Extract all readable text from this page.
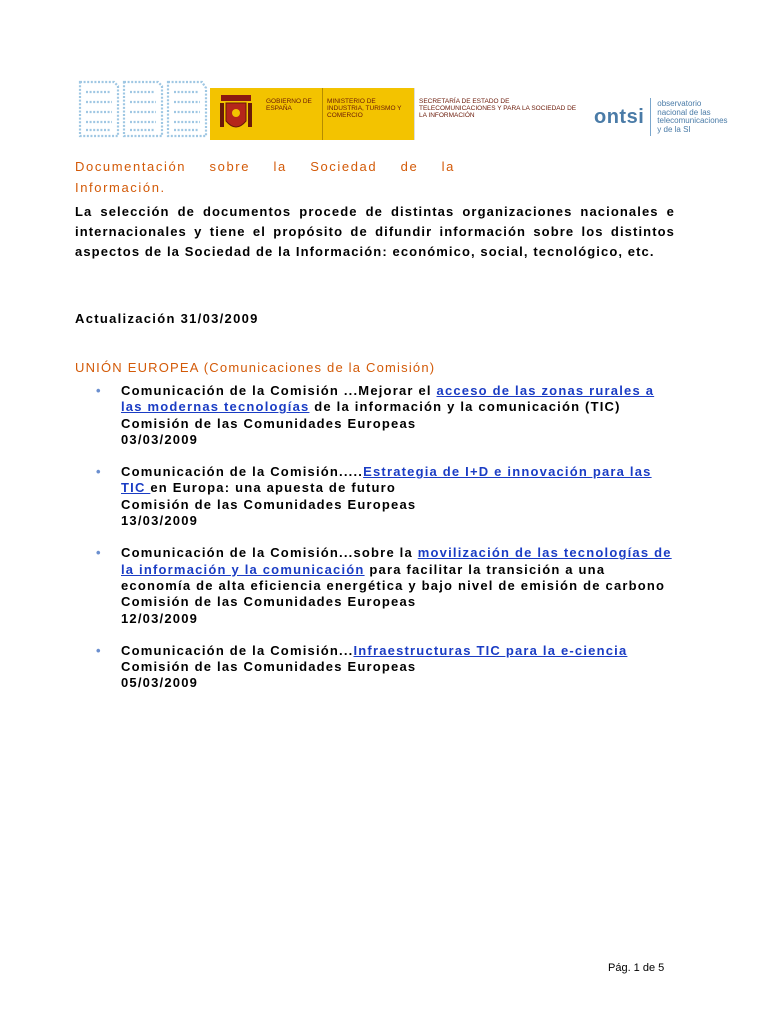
GOBIERNO DE ESPAÑA
MINISTERIO DE INDUSTRIA, TURISMO Y COMERCIO
SECRETARÍA DE ESTADO DE TELECOMUNICACIONES Y PARA LA SOCIEDAD DE LA INFORMACIÓN	ontsi
observatorio
nacional de las
telecomunicaciones
y de la SI
Documentación sobre la Sociedad de la Información.
La selección de documentos procede de distintas organizaciones nacionales e internacionales y tiene el propósito de difundir información sobre los distintos aspectos de la Sociedad de la Información: económico, social, tecnológico, etc.
Actualización 31/03/2009
UNIÓN EUROPEA (Comunicaciones de la Comisión)
• Comunicación de la Comisión ...Mejorar el acceso de las zonas rurales a las modernas tecnologías de la información y la comunicación (TIC)
Comisión de las Comunidades Europeas
03/03/2009
• Comunicación de la Comisión.....Estrategia de I+D e innovación para las TIC en Europa: una apuesta de futuro
Comisión de las Comunidades Europeas
13/03/2009
• Comunicación de la Comisión...sobre la movilización de las tecnologías de la información y la comunicación para facilitar la transición a una economía de alta eficiencia energética y bajo nivel de emisión de carbono
Comisión de las Comunidades Europeas
12/03/2009
• Comunicación de la Comisión...Infraestructuras TIC para la e-ciencia
Comisión de las Comunidades Europeas
05/03/2009
Pág. 1 de 5
